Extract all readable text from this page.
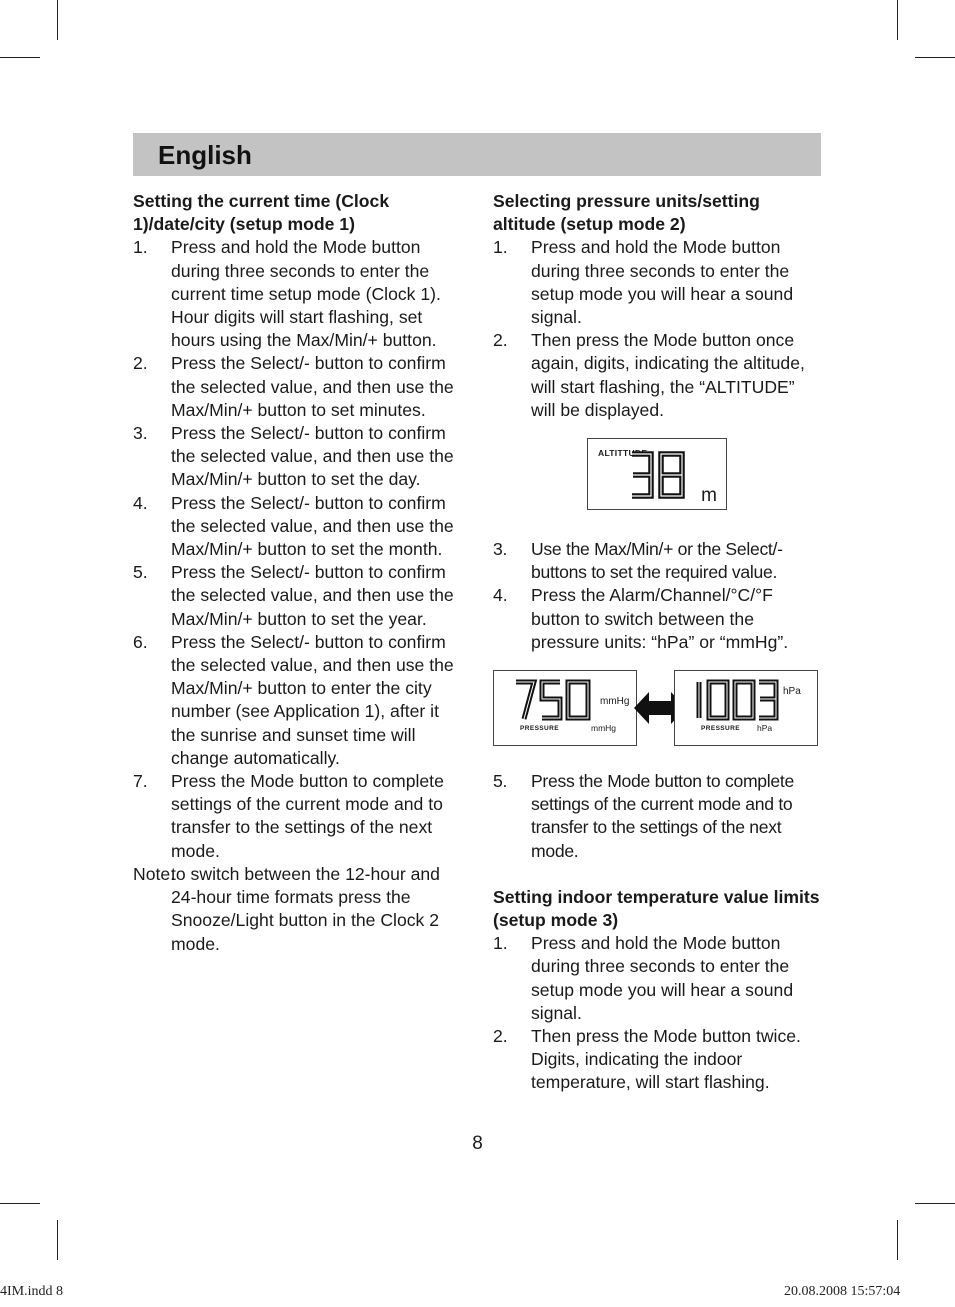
English

Setting the current time (Clock 1)/date/city (setup mode 1)

1. Press and hold the Mode button during three seconds to enter the current time setup mode (Clock 1). Hour digits will start flashing, set hours using the Max/Min/+ button.

2. Press the Select/- button to confirm the selected value, and then use the Max/Min/+ button to set minutes.

3. Press the Select/- button to confirm the selected value, and then use the Max/Min/+ button to set the day.

4. Press the Select/- button to confirm the selected value, and then use the Max/Min/+ button to set the month.

5. Press the Select/- button to confirm the selected value, and then use the Max/Min/+ button to set the year.

6. Press the Select/- button to confirm the selected value, and then use the Max/Min/+ button to enter the city number (see Application 1), after it the sunrise and sunset time will change automatically.

7. Press the Mode button to complete settings of the current mode and to transfer to the settings of the next mode.

Note:
to switch between the 12-hour and 24-hour time formats press the Snooze/Light button in the Clock 2 mode.

Selecting pressure units/setting altitude (setup mode 2)

1. Press and hold the Mode button during three seconds to enter the setup mode you will hear a sound signal.

2. Then press the Mode button once again, digits, indicating the altitude, will start flashing, the “ALTITUDE” will be displayed.

ALTITTUDE
m

3. Use the Max/Min/+ or the Select/- buttons to set the required value.

4. Press the Alarm/Channel/°C/°F button to switch between the pressure units: “hPa” or “mmHg”.

mmHg
PRESSURE	mmHg
hPa
PRESSURE hPa

5. Press the Mode button to complete settings of the current mode and to transfer to the settings of the next mode.

Setting indoor temperature value limits (setup mode 3)

1. Press and hold the Mode button during three seconds to enter the setup mode you will hear a sound signal.

2. Then press the Mode button twice. Digits, indicating the indoor temperature, will start flashing.

8
4IM.indd 8	20.08.2008 15:57:04
